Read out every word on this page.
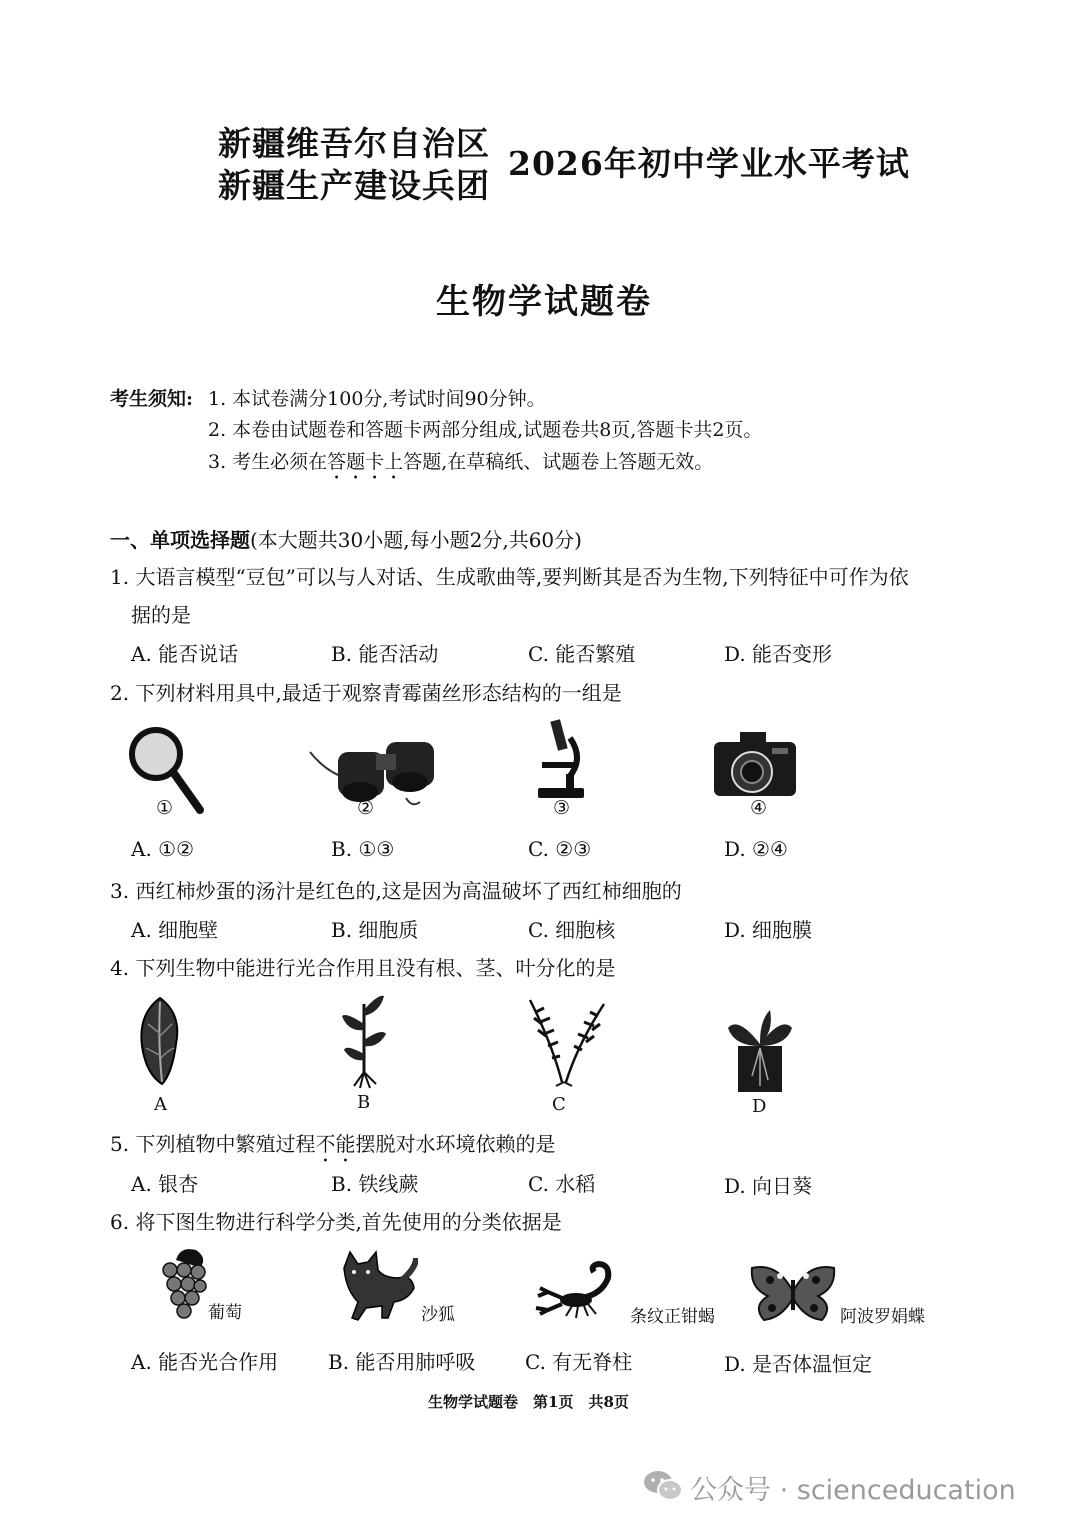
新疆维吾尔自治区
新疆生产建设兵团
2026年初中学业水平考试
生物学试题卷
考生须知: 1. 本试卷满分100分,考试时间90分钟。
2. 本卷由试题卷和答题卡两部分组成,试题卷共8页,答题卡共2页。
3. 考生必须在答题卡上答题,在草稿纸、试题卷上答题无效。
一、单项选择题(本大题共30小题,每小题2分,共60分)
1. 大语言模型“豆包”可以与人对话、生成歌曲等,要判断其是否为生物,下列特征中可作为依
据的是
A. 能否说话	B. 能否活动	C. 能否繁殖	D. 能否变形
2. 下列材料用具中,最适于观察青霉菌丝形态结构的一组是
①	②	③	④
A. ①②	B. ①③	C. ②③	D. ②④
3. 西红柿炒蛋的汤汁是红色的,这是因为高温破坏了西红柿细胞的
A. 细胞壁	B. 细胞质	C. 细胞核	D. 细胞膜
4. 下列生物中能进行光合作用且没有根、茎、叶分化的是
A	B	C	D
5. 下列植物中繁殖过程不能摆脱对水环境依赖的是
A. 银杏	B. 铁线蕨	C. 水稻	D. 向日葵
6. 将下图生物进行科学分类,首先使用的分类依据是
葡萄	沙狐	条纹正钳蝎	阿波罗娟蝶
A. 能否光合作用 B. 能否用肺呼吸 C. 有无脊柱	D. 是否体温恒定
生物学试题卷　第1页　共8页
公众号 · scienceducation
